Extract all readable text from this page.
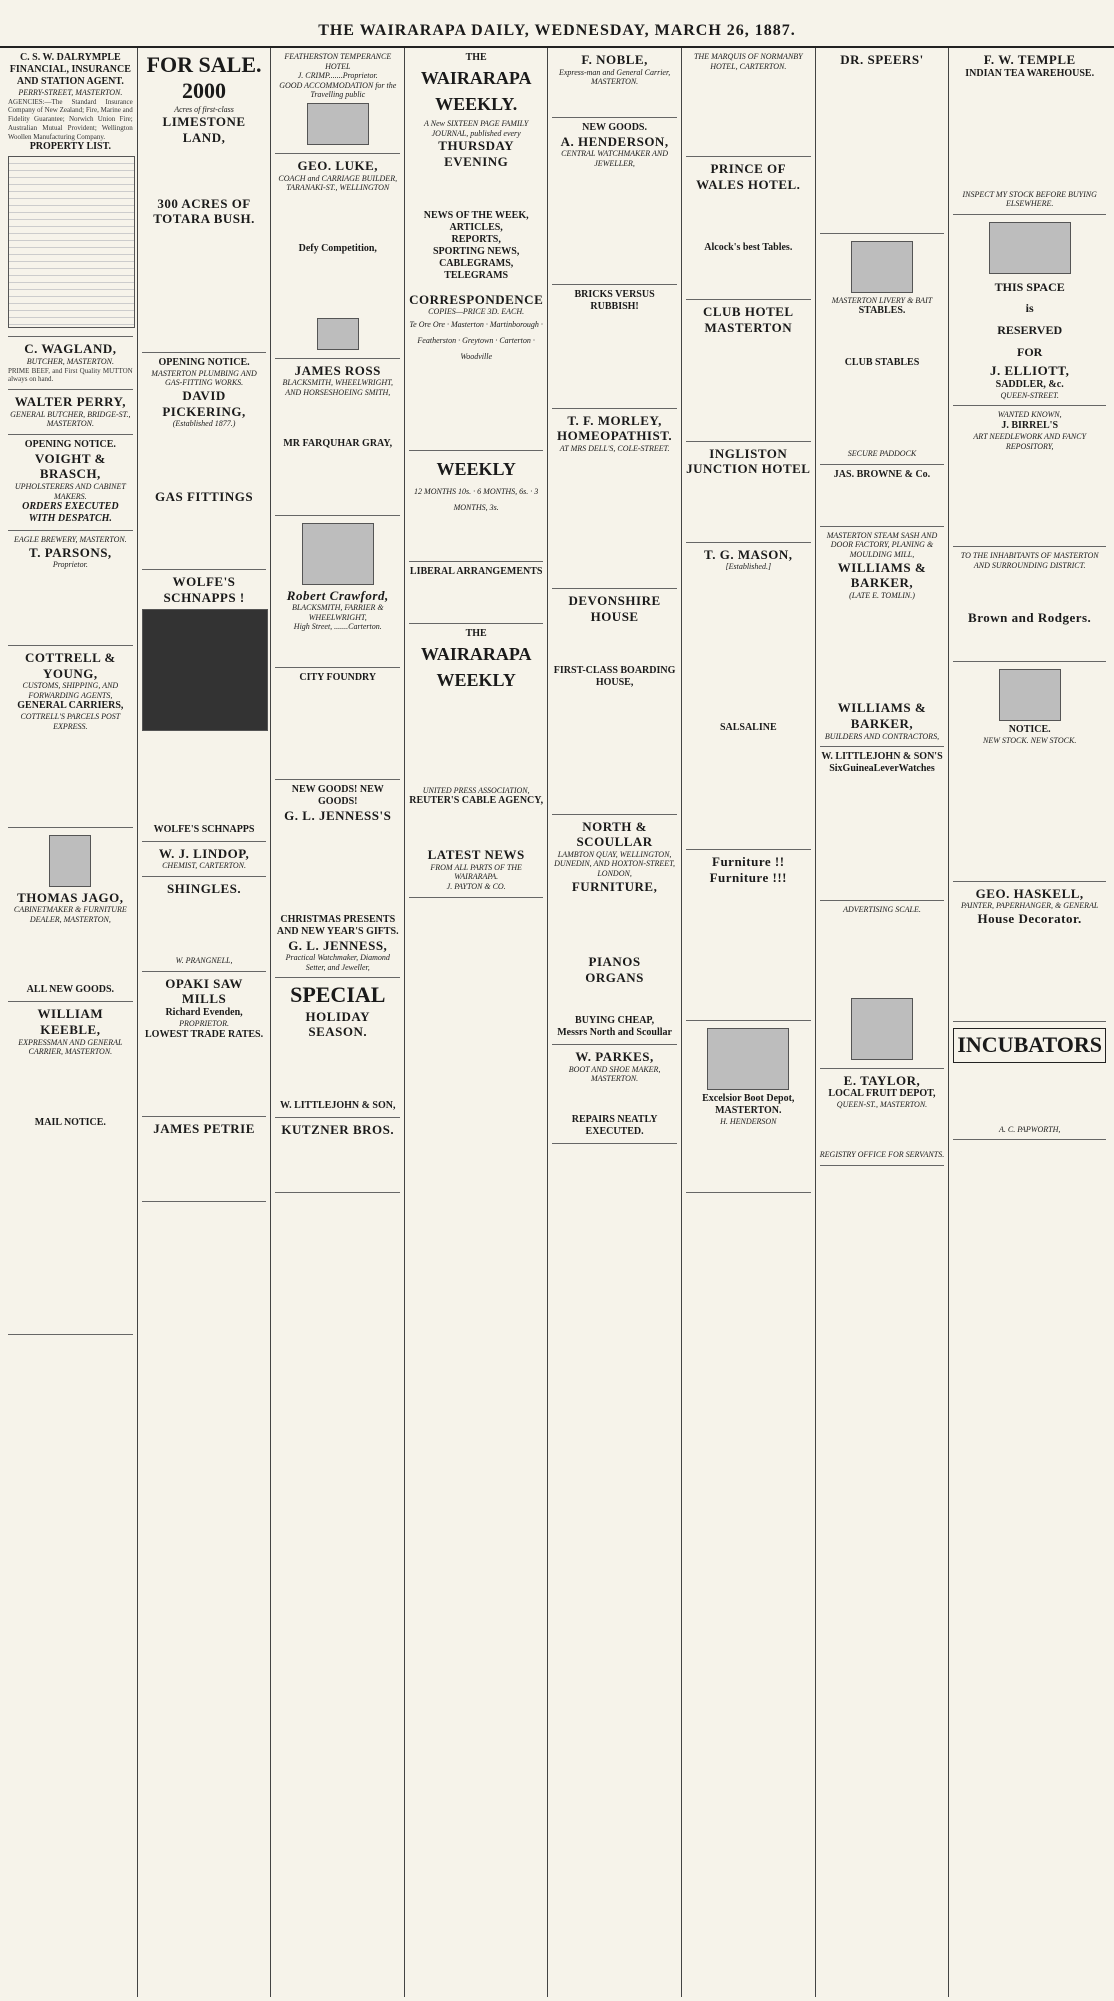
THE WAIRARAPA DAILY, WEDNESDAY, MARCH 26, 1887.
C. S. W. DALRYMPLE
FINANCIAL, INSURANCE AND STATION AGENT.
PERRY-STREET, MASTERTON.
AGENCIES:—The Standard Insurance Company of New Zealand; Fire, Marine and Fidelity Guarantee; Norwich Union Fire; Australian Mutual Provident; Wellington Woollen Manufacturing Company.
PROPERTY LIST.
C. WAGLAND,
BUTCHER, MASTERTON.
PRIME BEEF, and First Quality MUTTON always on hand.
WALTER PERRY,
GENERAL BUTCHER, BRIDGE-ST., MASTERTON.
OPENING NOTICE.
VOIGHT & BRASCH,
UPHOLSTERERS AND CABINET MAKERS.
ORDERS EXECUTED WITH DESPATCH.
EAGLE BREWERY, MASTERTON.
T. PARSONS,
Proprietor.
COTTRELL & YOUNG,
CUSTOMS, SHIPPING, AND FORWARDING AGENTS,
GENERAL CARRIERS,
COTTRELL'S PARCELS POST EXPRESS.
THOMAS JAGO,
CABINETMAKER & FURNITURE DEALER, MASTERTON,
ALL NEW GOODS.
WILLIAM KEEBLE,
EXPRESSMAN AND GENERAL CARRIER, MASTERTON.
MAIL NOTICE.
FOR SALE.
2000
Acres of first-class
LIMESTONE LAND,
300 ACRES OF TOTARA BUSH.
OPENING NOTICE.
MASTERTON PLUMBING AND GAS-FITTING WORKS.
DAVID PICKERING,
(Established 1877.)
GAS FITTINGS
WOLFE'S SCHNAPPS !
WOLFE'S SCHNAPPS
W. J. LINDOP,
CHEMIST, CARTERTON.
SHINGLES.
W. PRANGNELL,
OPAKI SAW MILLS
Richard Evenden,
PROPRIETOR.
LOWEST TRADE RATES.
JAMES PETRIE
FEATHERSTON TEMPERANCE HOTEL
J. CRIMP.......Proprietor.
GOOD ACCOMMODATION for the Travelling public
GEO. LUKE,
COACH and CARRIAGE BUILDER,
TARANAKI-ST., WELLINGTON
Defy Competition,
JAMES ROSS
BLACKSMITH, WHEELWRIGHT, AND HORSESHOEING SMITH,
MR FARQUHAR GRAY,
Robert Crawford,
BLACKSMITH, FARRIER & WHEELWRIGHT,
High Street, .......Carterton.
CITY FOUNDRY
NEW GOODS! NEW GOODS!
G. L. JENNESS'S
CHRISTMAS PRESENTS AND NEW YEAR'S GIFTS.
G. L. JENNESS,
Practical Watchmaker, Diamond Setter, and Jeweller,
SPECIAL
HOLIDAY SEASON.
W. LITTLEJOHN & SON,
KUTZNER BROS.
THE
WAIRARAPA
WEEKLY.
A New SIXTEEN PAGE FAMILY
JOURNAL, published every
THURSDAY EVENING
NEWS OF THE WEEK,
ARTICLES,
REPORTS,
SPORTING NEWS,
CABLEGRAMS,
TELEGRAMS
CORRESPONDENCE
COPIES—PRICE 3D. EACH.
Te Ore Ore · Masterton · Martinborough · Featherston · Greytown · Carterton · Woodville
WEEKLY
12 MONTHS 10s. · 6 MONTHS, 6s. · 3 MONTHS, 3s.
LIBERAL ARRANGEMENTS
THE
WAIRARAPA
WEEKLY
UNITED PRESS ASSOCIATION,
REUTER'S CABLE AGENCY,
LATEST NEWS
FROM ALL PARTS OF THE WAIRARAPA.
J. PAYTON & CO.
F. NOBLE,
Express-man and General Carrier, MASTERTON.
NEW GOODS.
A. HENDERSON,
CENTRAL WATCHMAKER AND JEWELLER,
BRICKS VERSUS RUBBISH!
T. F. MORLEY,
HOMEOPATHIST.
AT MRS DELL'S, COLE-STREET.
DEVONSHIRE HOUSE
FIRST-CLASS BOARDING HOUSE,
NORTH & SCOULLAR
LAMBTON QUAY, WELLINGTON,
DUNEDIN, AND HOXTON-STREET, LONDON,
FURNITURE,
PIANOS
ORGANS
BUYING CHEAP,
Messrs North and Scoullar
W. PARKES,
BOOT AND SHOE MAKER, MASTERTON.
REPAIRS NEATLY EXECUTED.
THE MARQUIS OF NORMANBY HOTEL, CARTERTON.
PRINCE OF WALES HOTEL.
Alcock's best Tables.
CLUB HOTEL MASTERTON
INGLISTON JUNCTION HOTEL
T. G. MASON,
[Established.]
SALSALINE
Furniture !! Furniture !!!
Excelsior Boot Depot, MASTERTON.
H. HENDERSON
DR. SPEERS'
MASTERTON LIVERY & BAIT
STABLES.
CLUB STABLES
SECURE PADDOCK
JAS. BROWNE & Co.
MASTERTON STEAM SASH AND DOOR FACTORY, PLANING & MOULDING MILL,
WILLIAMS & BARKER,
(LATE E. TOMLIN.)
WILLIAMS & BARKER,
BUILDERS AND CONTRACTORS,
W. LITTLEJOHN & SON'S
SixGuineaLeverWatches
ADVERTISING SCALE.
E. TAYLOR,
LOCAL FRUIT DEPOT,
QUEEN-ST., MASTERTON.
REGISTRY OFFICE FOR SERVANTS.
F. W. TEMPLE
INDIAN TEA WAREHOUSE.
INSPECT MY STOCK BEFORE BUYING ELSEWHERE.
THIS SPACE
is
RESERVED
FOR
J. ELLIOTT,
SADDLER, &c.
QUEEN-STREET.
WANTED KNOWN,
J. BIRREL'S
ART NEEDLEWORK AND FANCY REPOSITORY,
TO THE INHABITANTS OF MASTERTON AND SURROUNDING DISTRICT.
Brown and Rodgers.
NOTICE.
NEW STOCK. NEW STOCK.
GEO. HASKELL,
PAINTER, PAPERHANGER, & GENERAL
House Decorator.
INCUBATORS
A. C. PAPWORTH,
